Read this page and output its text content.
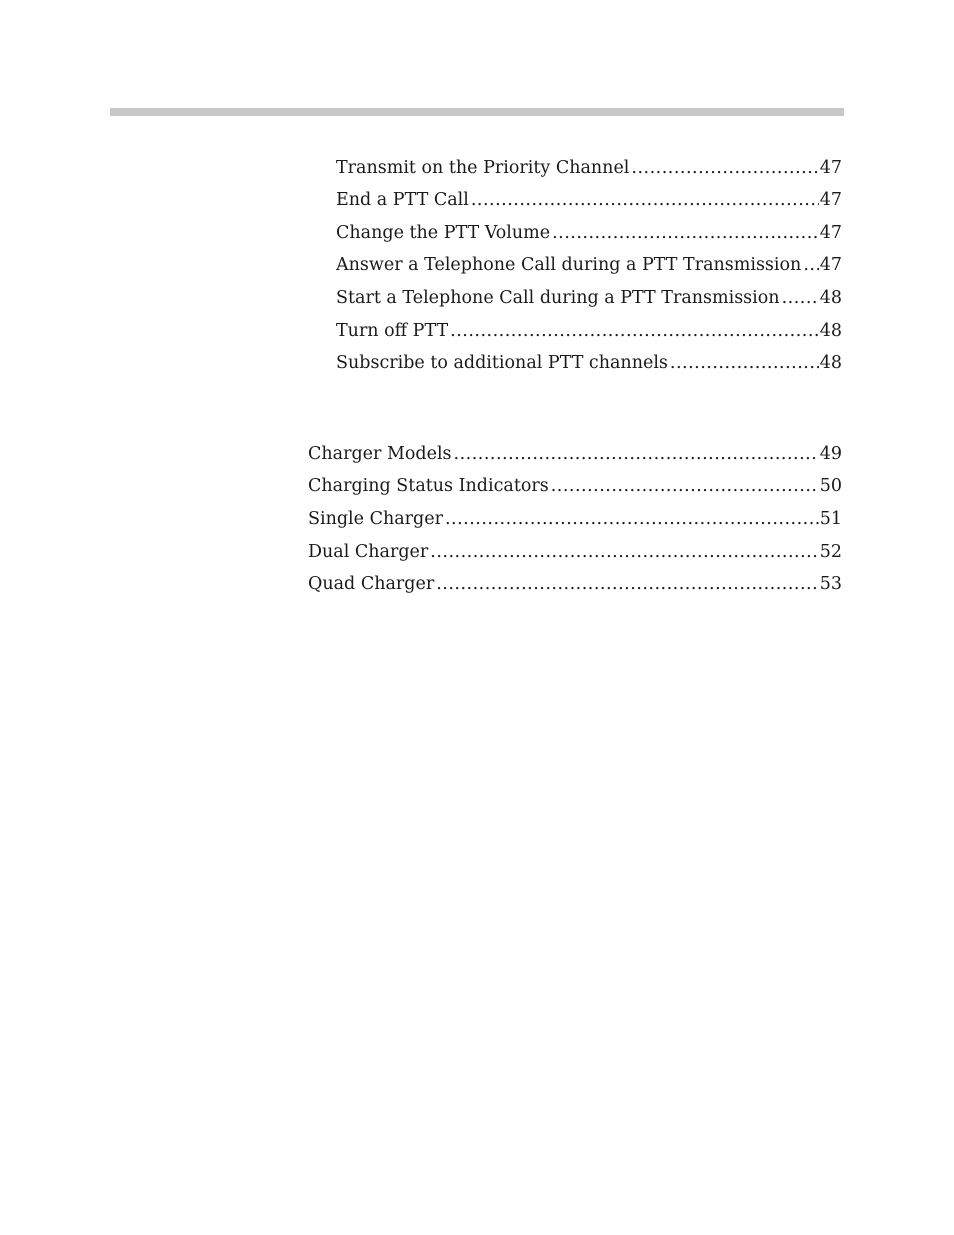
Transmit on the Priority Channel .....	47
End a PTT Call .....	47
Change the PTT Volume .....	47
Answer a Telephone Call during a PTT Transmission ..... 47
Start a Telephone Call during a PTT Transmission ..... 48
Turn off PTT .....	48
Subscribe to additional PTT channels .....	48
Charger Models .....	49
Charging Status Indicators .....	50
Single Charger .....	51
Dual Charger .....	52
Quad Charger .....	53
